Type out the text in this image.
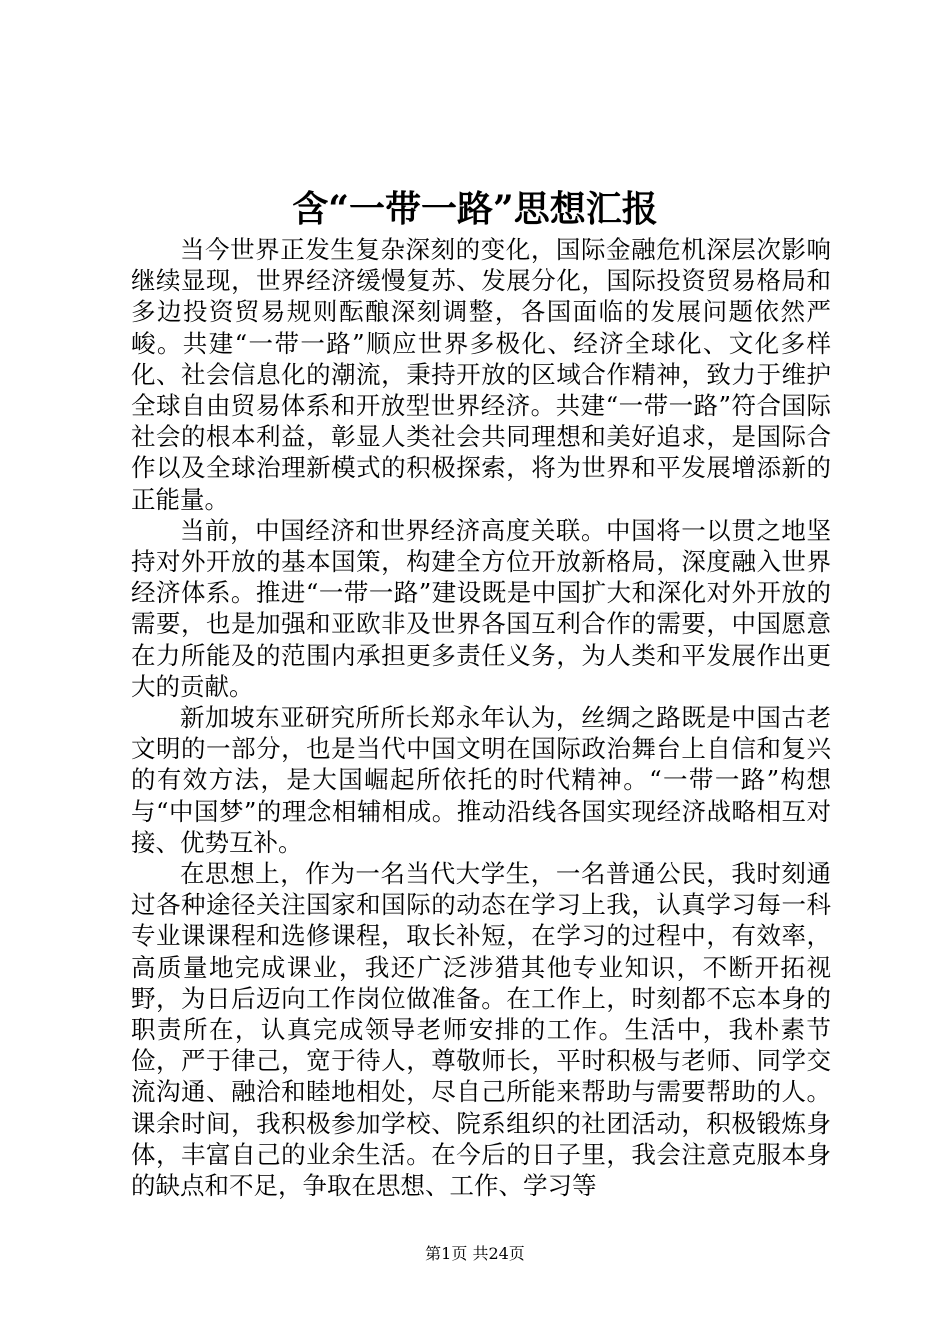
含“一带一路”思想汇报

当今世界正发生复杂深刻的变化，国际金融危机深层次影响继续显现，世界经济缓慢复苏、发展分化，国际投资贸易格局和多边投资贸易规则酝酿深刻调整，各国面临的发展问题依然严峻。共建“一带一路”顺应世界多极化、经济全球化、文化多样化、社会信息化的潮流，秉持开放的区域合作精神，致力于维护全球自由贸易体系和开放型世界经济。共建“一带一路”符合国际社会的根本利益，彰显人类社会共同理想和美好追求，是国际合作以及全球治理新模式的积极探索，将为世界和平发展增添新的正能量。

当前，中国经济和世界经济高度关联。中国将一以贯之地坚持对外开放的基本国策，构建全方位开放新格局，深度融入世界经济体系。推进“一带一路”建设既是中国扩大和深化对外开放的需要，也是加强和亚欧非及世界各国互利合作的需要，中国愿意在力所能及的范围内承担更多责任义务，为人类和平发展作出更大的贡献。

新加坡东亚研究所所长郑永年认为，丝绸之路既是中国古老文明的一部分，也是当代中国文明在国际政治舞台上自信和复兴的有效方法，是大国崛起所依托的时代精神。“一带一路”构想与“中国梦”的理念相辅相成。推动沿线各国实现经济战略相互对接、优势互补。

在思想上，作为一名当代大学生，一名普通公民，我时刻通过各种途径关注国家和国际的动态在学习上我，认真学习每一科专业课课程和选修课程，取长补短，在学习的过程中，有效率，高质量地完成课业，我还广泛涉猎其他专业知识，不断开拓视野，为日后迈向工作岗位做准备。在工作上，时刻都不忘本身的职责所在，认真完成领导老师安排的工作。生活中，我朴素节俭，严于律己，宽于待人，尊敬师长，平时积极与老师、同学交流沟通、融洽和睦地相处，尽自己所能来帮助与需要帮助的人。课余时间，我积极参加学校、院系组织的社团活动，积极锻炼身体，丰富自己的业余生活。在今后的日子里，我会注意克服本身的缺点和不足，争取在思想、工作、学习等

第1页 共24页
